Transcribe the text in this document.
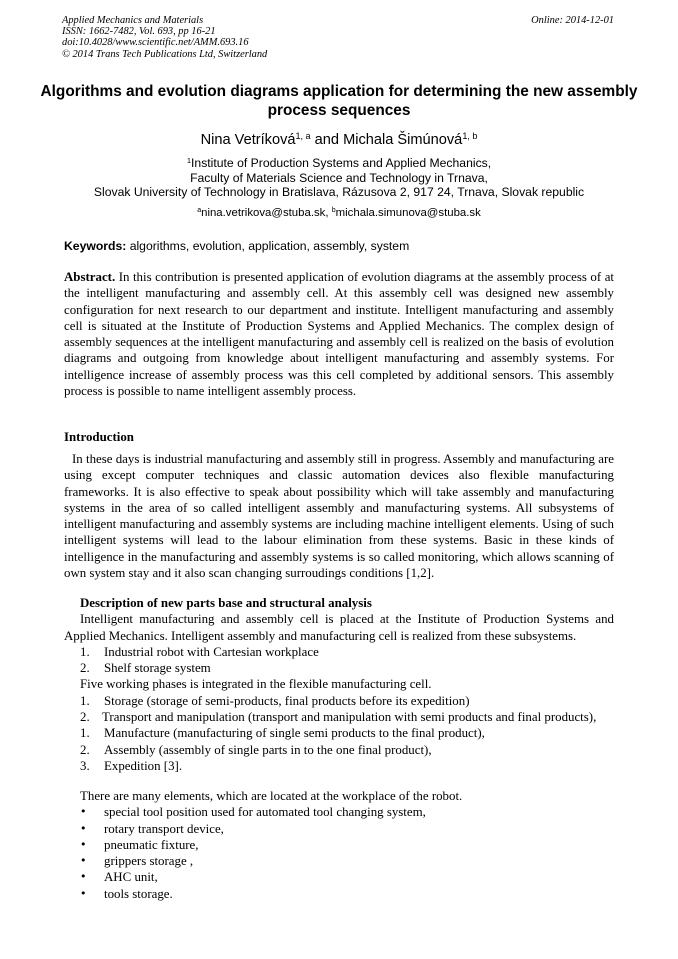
Applied Mechanics and Materials
ISSN: 1662-7482, Vol. 693, pp 16-21
doi:10.4028/www.scientific.net/AMM.693.16
© 2014 Trans Tech Publications Ltd, Switzerland
Online: 2014-12-01
Algorithms and evolution diagrams application for determining the new assembly process sequences
Nina Vetríková$^{1, a}$ and Michala Šimúnová$^{1, b}$
$^1$Institute of Production Systems and Applied Mechanics,
Faculty of Materials Science and Technology in Trnava,
Slovak University of Technology in Bratislava, Rázusova 2, 917 24, Trnava, Slovak republic
$^a$nina.vetrikova@stuba.sk, $^b$michala.simunova@stuba.sk
Keywords: algorithms, evolution, application, assembly, system
Abstract. In this contribution is presented application of evolution diagrams at the assembly process of at the intelligent manufacturing and assembly cell. At this assembly cell was designed new assembly configuration for next research to our department and institute. Intelligent manufacturing and assembly cell is situated at the Institute of Production Systems and Applied Mechanics. The complex design of assembly sequences at the intelligent manufacturing and assembly cell is realized on the basis of evolution diagrams and outgoing from knowledge about intelligent manufacturing and assembly systems. For intelligence increase of assembly process was this cell completed by additional sensors. This assembly process is possible to name intelligent assembly process.
Introduction
In these days is industrial manufacturing and assembly still in progress. Assembly and manufacturing are using except computer techniques and classic automation devices also flexible manufacturing frameworks. It is also effective to speak about possibility which will take assembly and manufacturing systems in the area of so called intelligent assembly and manufacturing systems. All subsystems of intelligent manufacturing and assembly systems are including machine intelligent elements. Using of such intelligent systems will lead to the labour elimination from these systems. Basic in these kinds of intelligence in the manufacturing and assembly systems is so called monitoring, which allows scanning of own system stay and it also scan changing surroudings conditions [1,2].
Description of new parts base and structural analysis
Intelligent manufacturing and assembly cell is placed at the Institute of Production Systems and Applied Mechanics. Intelligent assembly and manufacturing cell is realized from these subsystems.
1.	Industrial robot with Cartesian workplace
2.	Shelf storage system
Five working phases is integrated in the flexible manufacturing cell.
1.	Storage (storage of semi-products, final products before its expedition)
2. Transport and manipulation (transport and manipulation with semi products and final products),
1.	Manufacture (manufacturing of single semi products to the final product),
2.	Assembly (assembly of single parts in to the one final product),
3.	Expedition [3].
There are many elements, which are located at the workplace of the robot.
•	special tool position used for automated tool changing system,
•	rotary transport device,
•	pneumatic fixture,
•	grippers storage ,
•	AHC unit,
•	tools storage.
